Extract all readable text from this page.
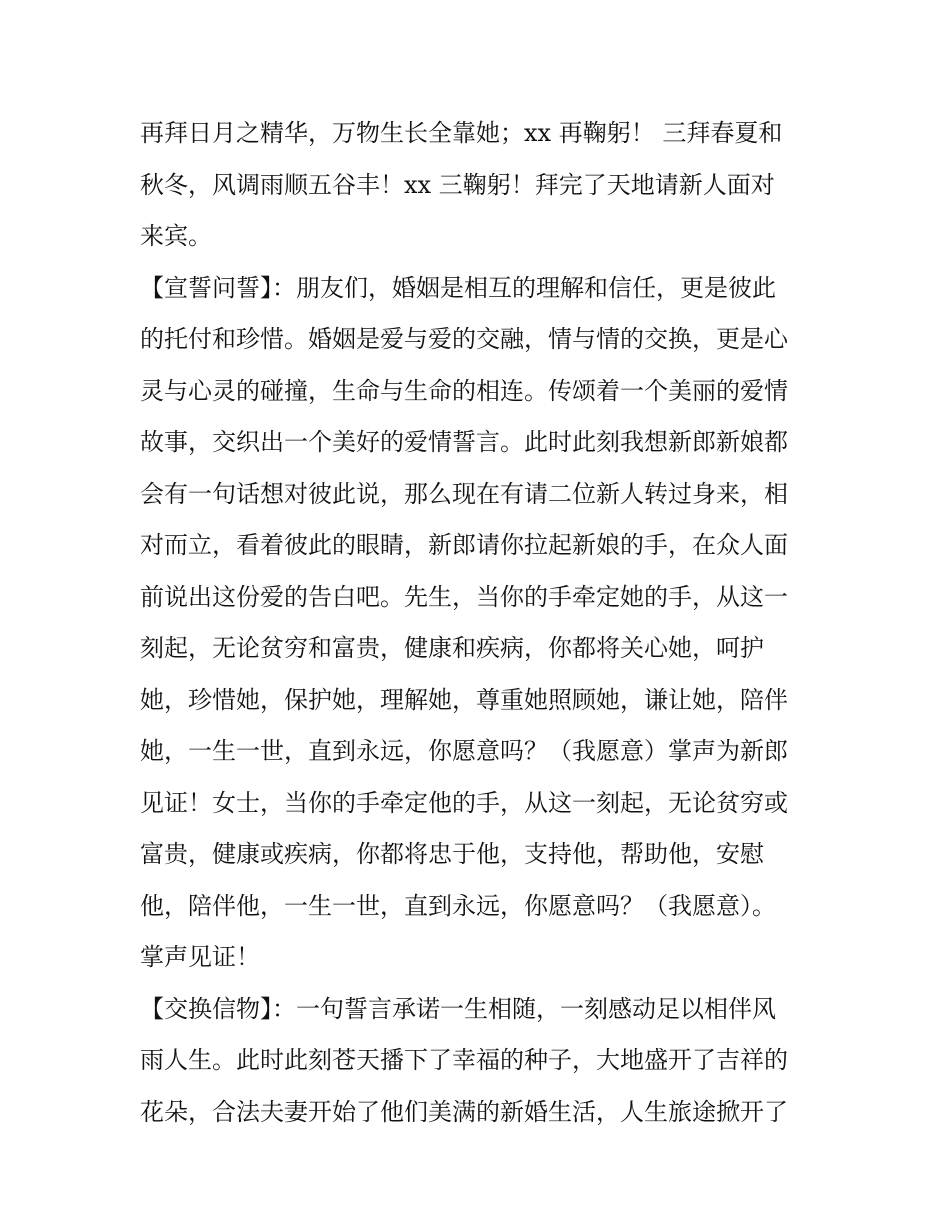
再拜日月之精华，万物生长全靠她；xx 再鞠躬！ 三拜春夏和
秋冬，风调雨顺五谷丰！xx 三鞠躬！拜完了天地请新人面对
来宾。
【宣誓问誓】：朋友们，婚姻是相互的理解和信任，更是彼此
的托付和珍惜。婚姻是爱与爱的交融，情与情的交换，更是心
灵与心灵的碰撞，生命与生命的相连。传颂着一个美丽的爱情
故事，交织出一个美好的爱情誓言。此时此刻我想新郎新娘都
会有一句话想对彼此说，那么现在有请二位新人转过身来，相
对而立，看着彼此的眼睛，新郎请你拉起新娘的手，在众人面
前说出这份爱的告白吧。先生，当你的手牵定她的手，从这一
刻起，无论贫穷和富贵，健康和疾病，你都将关心她，呵护
她，珍惜她，保护她，理解她，尊重她照顾她，谦让她，陪伴
她，一生一世，直到永远，你愿意吗？（我愿意）掌声为新郎
见证！女士，当你的手牵定他的手，从这一刻起，无论贫穷或
富贵，健康或疾病，你都将忠于他，支持他，帮助他，安慰
他，陪伴他，一生一世，直到永远，你愿意吗？（我愿意）。
掌声见证！
【交换信物】：一句誓言承诺一生相随，一刻感动足以相伴风
雨人生。此时此刻苍天播下了幸福的种子，大地盛开了吉祥的
花朵，合法夫妻开始了他们美满的新婚生活，人生旅途掀开了
